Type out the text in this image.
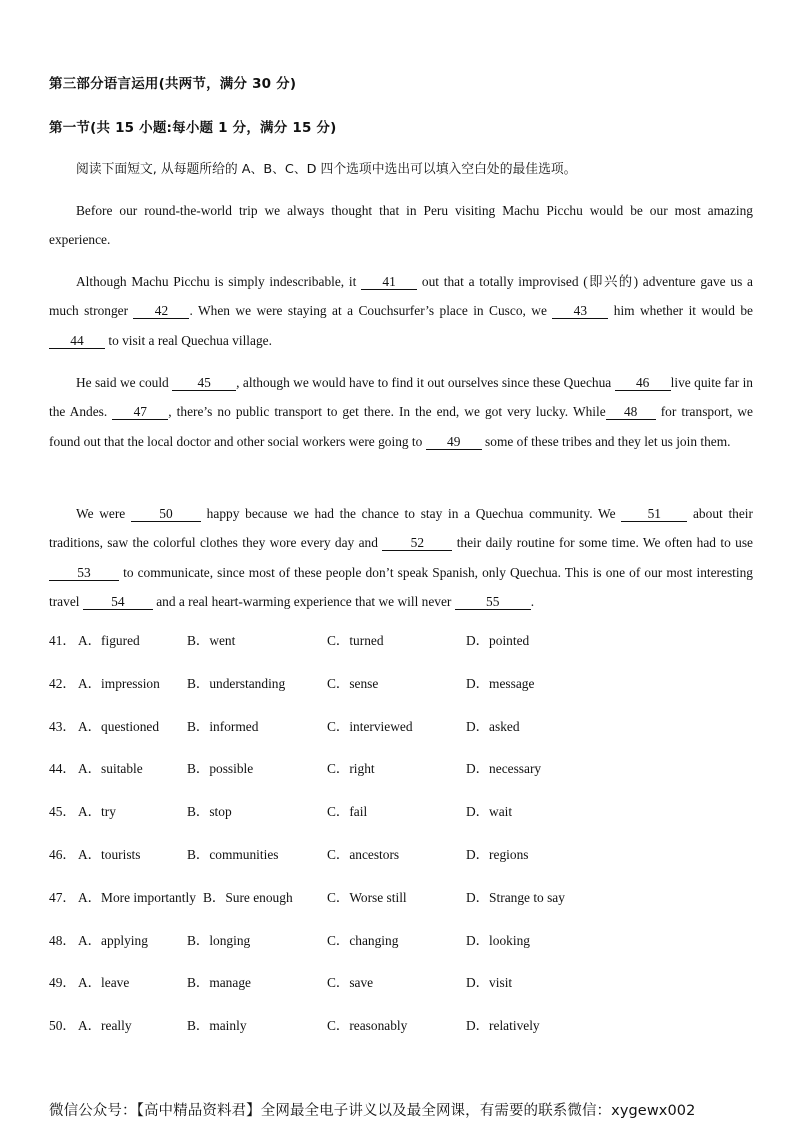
第三部分语言运用(共两节，满分 30 分)
第一节(共 15 小题:每小题 1 分，满分 15 分)
阅读下面短文, 从每题所给的 A、B、C、D 四个选项中选出可以填入空白处的最佳选项。
Before our round-the-world trip we always thought that in Peru visiting Machu Picchu would be our most amazing experience.
Although Machu Picchu is simply indescribable, it 41 out that a totally improvised (即兴的) adventure gave us a much stronger 42 . When we were staying at a Couchsurfer’s place in Cusco, we 43 him whether it would be 44 to visit a real Quechua village.
He said we could 45 , although we would have to find it out ourselves since these Quechua 46 live quite far in the Andes. 47 , there’s no public transport to get there. In the end, we got very lucky. While 48 for transport, we found out that the local doctor and other social workers were going to 49 some of these tribes and they let us join them.
We were 50 happy because we had the chance to stay in a Quechua community. We 51 about their traditions, saw the colorful clothes they wore every day and 52 their daily routine for some time. We often had to use 53 to communicate, since most of these people don’t speak Spanish, only Quechua. This is one of our most interesting travel 54 and a real heart-warming experience that we will never 55 .
41． A．figured	B．went	C．turned	D．pointed
42． A．impression B．understanding	C．sense	D．message
43． A．questioned B．informed	C．interviewed	D．asked
44． A．suitable	B．possible	C．right	D．necessary
45． A．try	B．stop	C．fail	D．wait
46． A．tourists	B．communities	C．ancestors	D．regions
47． A．More importantly B．Sure enough	C．Worse still	D．Strange to say
48． A．applying	B．longing	C．changing	D．looking
49． A．leave	B．manage	C．save	D．visit
50． A．really	B．mainly	C．reasonably	D．relatively
微信公众号：【高中精品资料君】全网最全电子讲义以及最全网课，有需要的联系微信：xygewx002
